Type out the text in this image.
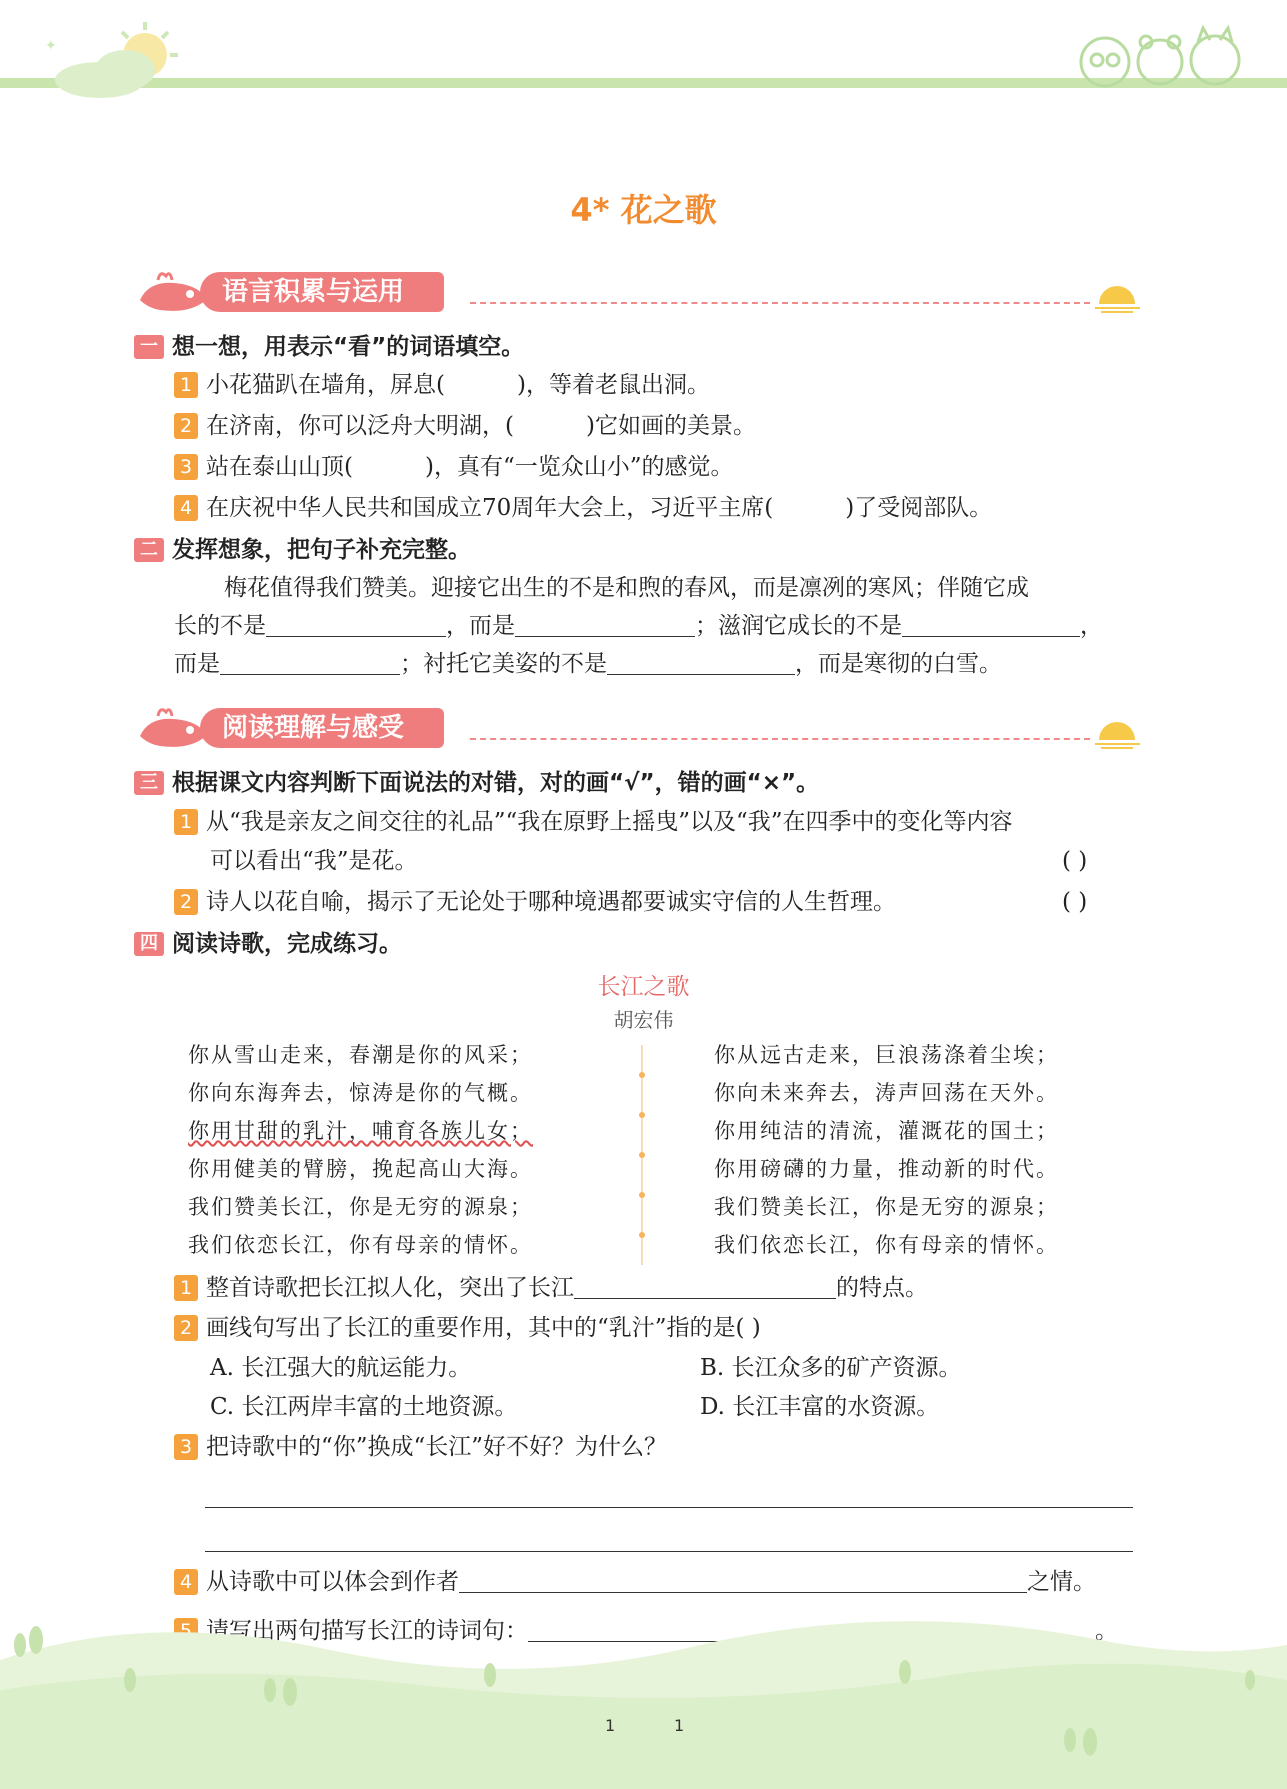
✦
4* 花之歌
语言积累与运用
一 想一想，用表示“看”的词语填空。
1 小花猫趴在墙角，屏息(	)，等着老鼠出洞。
2 在济南，你可以泛舟大明湖，(	)它如画的美景。
3 站在泰山山顶(	)，真有“一览众山小”的感觉。
4 在庆祝中华人民共和国成立70周年大会上，习近平主席(	)了受阅部队。
二 发挥想象，把句子补充完整。
梅花值得我们赞美。迎接它出生的不是和煦的春风，而是凛冽的寒风；伴随它成
长的不是	，而是	；滋润它成长的不是	，
而是	；衬托它美姿的不是	，而是寒彻的白雪。
阅读理解与感受
三 根据课文内容判断下面说法的对错，对的画“√”，错的画“×”。
1 从“我是亲友之间交往的礼品”“我在原野上摇曳”以及“我”在四季中的变化等内容
可以看出“我”是花。	( )
2 诗人以花自喻，揭示了无论处于哪种境遇都要诚实守信的人生哲理。	( )
四 阅读诗歌，完成练习。
长江之歌
胡宏伟
你从雪山走来，春潮是你的风采；
你向东海奔去，惊涛是你的气概。
你用甘甜的乳汁，哺育各族儿女；
你用健美的臂膀，挽起高山大海。
我们赞美长江，你是无穷的源泉；
我们依恋长江，你有母亲的情怀。
你从远古走来，巨浪荡涤着尘埃；
你向未来奔去，涛声回荡在天外。
你用纯洁的清流，灌溉花的国土；
你用磅礴的力量，推动新的时代。
我们赞美长江，你是无穷的源泉；
我们依恋长江，你有母亲的情怀。
1 整首诗歌把长江拟人化，突出了长江	的特点。
2 画线句写出了长江的重要作用，其中的“乳汁”指的是( )
A. 长江强大的航运能力。	B. 长江众多的矿产资源。
C. 长江两岸丰富的土地资源。	D. 长江丰富的水资源。
3 把诗歌中的“你”换成“长江”好不好？为什么？
4 从诗歌中可以体会到作者	之情。
5 请写出两句描写长江的诗词句：	。
1	1
